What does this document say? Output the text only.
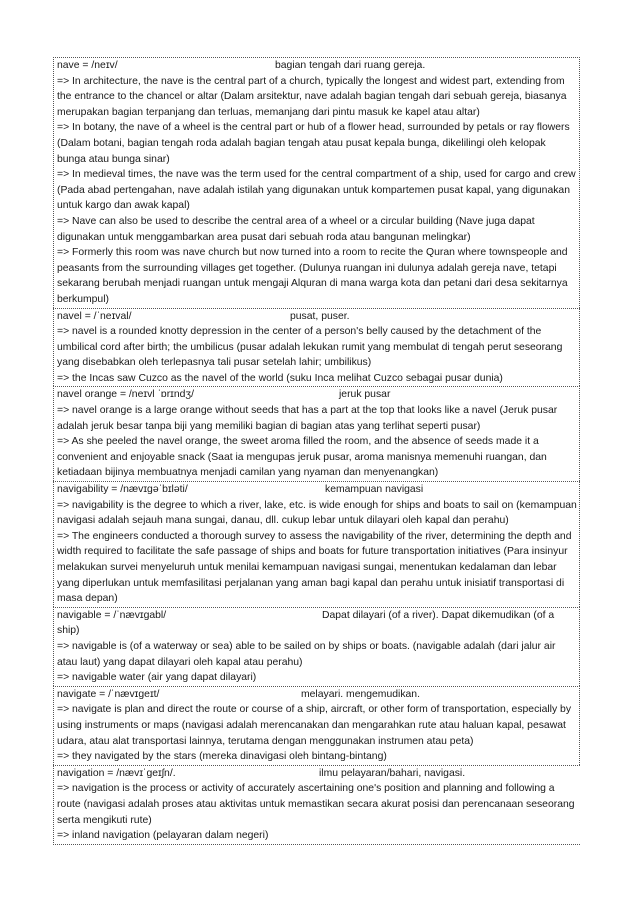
nave = /neɪv/	bagian tengah dari ruang gereja.
=> In architecture, the nave is the central part of a church, typically the longest and widest part, extending from the entrance to the chancel or altar (Dalam arsitektur, nave adalah bagian tengah dari sebuah gereja, biasanya merupakan bagian terpanjang dan terluas, memanjang dari pintu masuk ke kapel atau altar)
=> In botany, the nave of a wheel is the central part or hub of a flower head, surrounded by petals or ray flowers (Dalam botani, bagian tengah roda adalah bagian tengah atau pusat kepala bunga, dikelilingi oleh kelopak bunga atau bunga sinar)
=> In medieval times, the nave was the term used for the central compartment of a ship, used for cargo and crew (Pada abad pertengahan, nave adalah istilah yang digunakan untuk kompartemen pusat kapal, yang digunakan untuk kargo dan awak kapal)
=> Nave can also be used to describe the central area of a wheel or a circular building (Nave juga dapat digunakan untuk menggambarkan area pusat dari sebuah roda atau bangunan melingkar)
=> Formerly this room was nave church but now turned into a room to recite the Quran where townspeople and peasants from the surrounding villages get together. (Dulunya ruangan ini dulunya adalah gereja nave, tetapi sekarang berubah menjadi ruangan untuk mengaji Alquran di mana warga kota dan petani dari desa sekitarnya berkumpul)
navel = /ˈneɪval/	pusat, puser.
=> navel is a rounded knotty depression in the center of a person's belly caused by the detachment of the umbilical cord after birth; the umbilicus (pusar adalah lekukan rumit yang membulat di tengah perut seseorang yang disebabkan oleh terlepasnya tali pusar setelah lahir; umbilikus)
=> the Incas saw Cuzco as the navel of the world (suku Inca melihat Cuzco sebagai pusar dunia)
navel orange = /neɪvl ˈɒrɪndʒ/	jeruk pusar
=> navel orange is a large orange without seeds that has a part at the top that looks like a navel (Jeruk pusar adalah jeruk besar tanpa biji yang memiliki bagian di bagian atas yang terlihat seperti pusar)
=> As she peeled the navel orange, the sweet aroma filled the room, and the absence of seeds made it a convenient and enjoyable snack (Saat ia mengupas jeruk pusar, aroma manisnya memenuhi ruangan, dan ketiadaan bijinya membuatnya menjadi camilan yang nyaman dan menyenangkan)
navigability = /nævɪgəˈbɪləti/	kemampuan navigasi
=> navigability is the degree to which a river, lake, etc. is wide enough for ships and boats to sail on (kemampuan navigasi adalah sejauh mana sungai, danau, dll. cukup lebar untuk dilayari oleh kapal dan perahu)
=> The engineers conducted a thorough survey to assess the navigability of the river, determining the depth and width required to facilitate the safe passage of ships and boats for future transportation initiatives (Para insinyur melakukan survei menyeluruh untuk menilai kemampuan navigasi sungai, menentukan kedalaman dan lebar yang diperlukan untuk memfasilitasi perjalanan yang aman bagi kapal dan perahu untuk inisiatif transportasi di masa depan)
navigable = /ˈnævɪgabl/	Dapat dilayari (of a river). Dapat dikemudikan (of a ship)
=> navigable is (of a waterway or sea) able to be sailed on by ships or boats. (navigable adalah (dari jalur air atau laut) yang dapat dilayari oleh kapal atau perahu)
=> navigable water (air yang dapat dilayari)
navigate = /ˈnævɪgeɪt/	melayari. mengemudikan.
=> navigate is plan and direct the route or course of a ship, aircraft, or other form of transportation, especially by using instruments or maps (navigasi adalah merencanakan dan mengarahkan rute atau haluan kapal, pesawat udara, atau alat transportasi lainnya, terutama dengan menggunakan instrumen atau peta)
=> they navigated by the stars (mereka dinavigasi oleh bintang-bintang)
navigation = /nævɪˈgeɪʃn/.	ilmu pelayaran/bahari, navigasi.
=> navigation is the process or activity of accurately ascertaining one's position and planning and following a route (navigasi adalah proses atau aktivitas untuk memastikan secara akurat posisi dan perencanaan seseorang serta mengikuti rute)
=> inland navigation (pelayaran dalam negeri)
